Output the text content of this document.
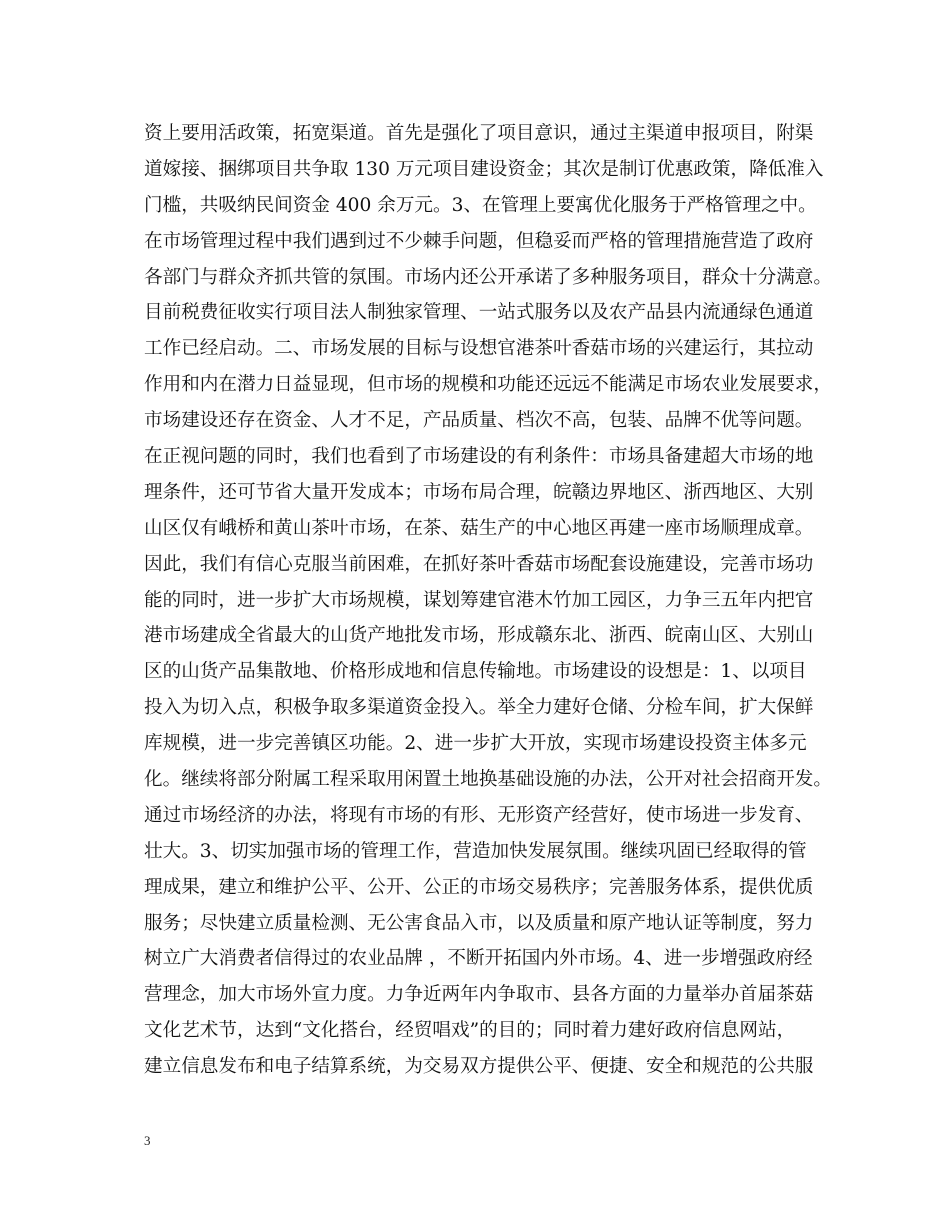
资上要用活政策，拓宽渠道。首先是强化了项目意识，通过主渠道申报项目，附渠
道嫁接、捆绑项目共争取 130 万元项目建设资金；其次是制订优惠政策，降低准入
门槛，共吸纳民间资金 400 余万元。3、在管理上要寓优化服务于严格管理之中。
在市场管理过程中我们遇到过不少棘手问题，但稳妥而严格的管理措施营造了政府
各部门与群众齐抓共管的氛围。市场内还公开承诺了多种服务项目，群众十分满意。
目前税费征收实行项目法人制独家管理、一站式服务以及农产品县内流通绿色通道
工作已经启动。二、市场发展的目标与设想官港茶叶香菇市场的兴建运行，其拉动
作用和内在潜力日益显现，但市场的规模和功能还远远不能满足市场农业发展要求，
市场建设还存在资金、人才不足，产品质量、档次不高，包装、品牌不优等问题。
在正视问题的同时，我们也看到了市场建设的有利条件：市场具备建超大市场的地
理条件，还可节省大量开发成本；市场布局合理，皖赣边界地区、浙西地区、大别
山区仅有峨桥和黄山茶叶市场，在茶、菇生产的中心地区再建一座市场顺理成章。
因此，我们有信心克服当前困难，在抓好茶叶香菇市场配套设施建设，完善市场功
能的同时，进一步扩大市场规模，谋划筹建官港木竹加工园区，力争三五年内把官
港市场建成全省最大的山货产地批发市场，形成赣东北、浙西、皖南山区、大别山
区的山货产品集散地、价格形成地和信息传输地。市场建设的设想是：1、以项目
投入为切入点，积极争取多渠道资金投入。举全力建好仓储、分检车间，扩大保鲜
库规模，进一步完善镇区功能。2、进一步扩大开放，实现市场建设投资主体多元
化。继续将部分附属工程采取用闲置土地换基础设施的办法，公开对社会招商开发。
通过市场经济的办法，将现有市场的有形、无形资产经营好，使市场进一步发育、
壮大。3、切实加强市场的管理工作，营造加快发展氛围。继续巩固已经取得的管
理成果，建立和维护公平、公开、公正的市场交易秩序；完善服务体系，提供优质
服务；尽快建立质量检测、无公害食品入市，以及质量和原产地认证等制度，努力
树立广大消费者信得过的农业品牌 ，不断开拓国内外市场。4、进一步增强政府经
营理念，加大市场外宣力度。力争近两年内争取市、县各方面的力量举办首届茶菇
文化艺术节，达到“文化搭台，经贸唱戏”的目的；同时着力建好政府信息网站，
建立信息发布和电子结算系统，为交易双方提供公平、便捷、安全和规范的公共服
3
